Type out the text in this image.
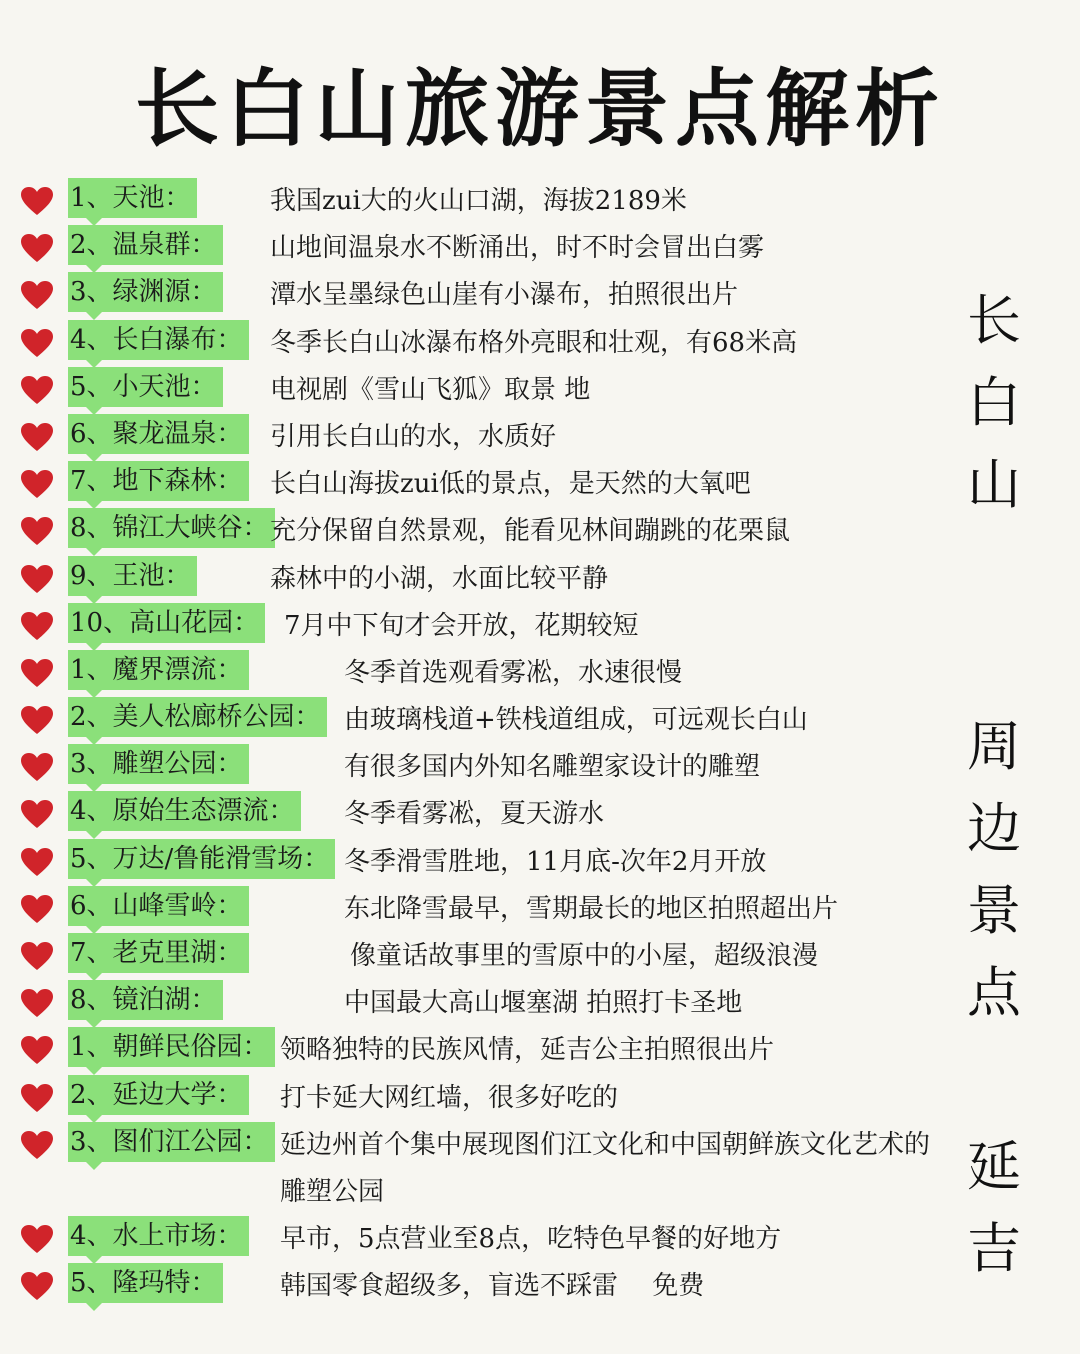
长白山旅游景点解析
1、天池：	我国zui大的火山口湖，海拔2189米
2、温泉群： 山地间温泉水不断涌出，时不时会冒出白雾
3、绿渊源： 潭水呈墨绿色山崖有小瀑布，拍照很出片
4、长白瀑布： 冬季长白山冰瀑布格外亮眼和壮观，有68米高
5、小天池： 电视剧《雪山飞狐》取景 地
6、聚龙温泉： 引用长白山的水，水质好
7、地下森林： 长白山海拔zui低的景点，是天然的大氧吧
8、锦江大峡谷： 充分保留自然景观，能看见林间蹦跳的花栗鼠
9、王池：	森林中的小湖，水面比较平静
10、高山花园： 7月中下旬才会开放，花期较短
1、魔界漂流：	冬季首选观看雾凇，水速很慢
2、美人松廊桥公园： 由玻璃栈道+铁栈道组成，可远观长白山
3、雕塑公园：	有很多国内外知名雕塑家设计的雕塑
4、原始生态漂流： 冬季看雾凇，夏天游水
5、万达/鲁能滑雪场： 冬季滑雪胜地，11月底-次年2月开放
6、山峰雪岭：	东北降雪最早，雪期最长的地区拍照超出片
7、老克里湖：	像童话故事里的雪原中的小屋，超级浪漫
8、镜泊湖：	中国最大高山堰塞湖 拍照打卡圣地
1、朝鲜民俗园： 领略独特的民族风情，延吉公主拍照很出片
2、延边大学： 打卡延大网红墙，很多好吃的
3、图们江公园： 延边州首个集中展现图们江文化和中国朝鲜族文化艺术的雕塑公园
4、水上市场： 早市，5点营业至8点，吃特色早餐的好地方
5、隆玛特： 韩国零食超级多，盲选不踩雷　 免费
长
白
山
周
边
景
点
延
吉
